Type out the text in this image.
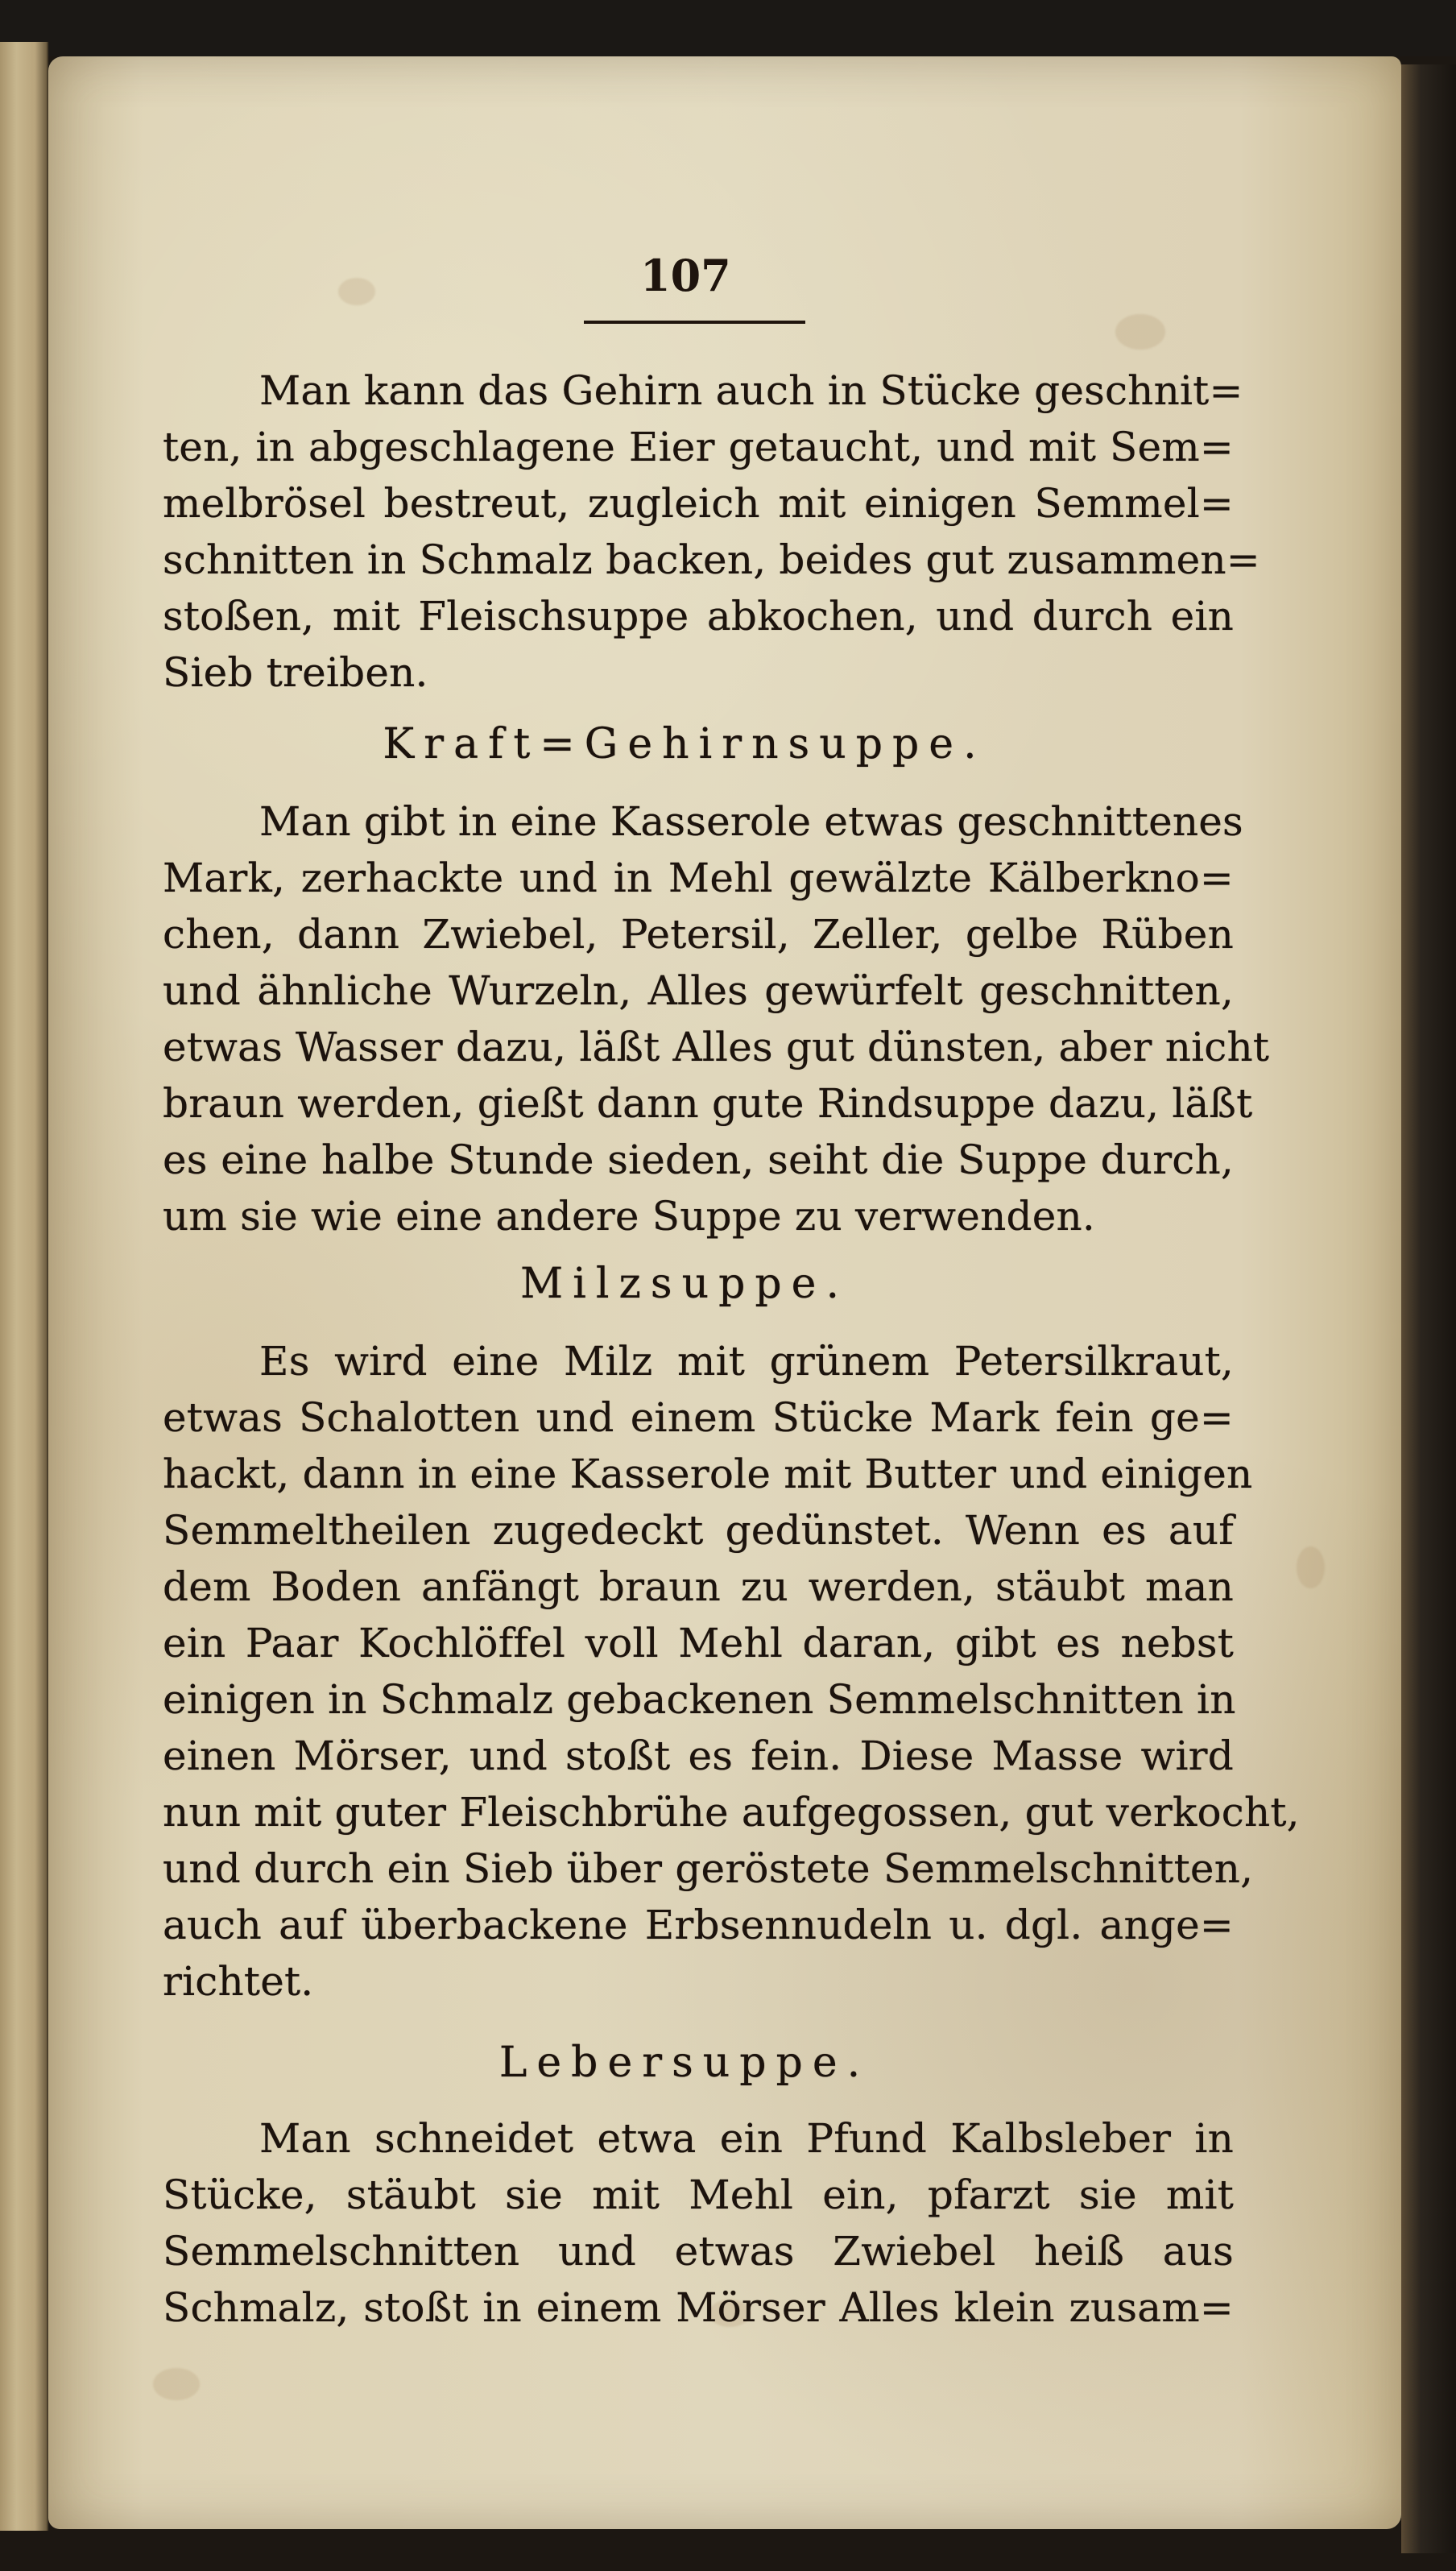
107
Man kann das Gehirn auch in Stücke geschnit=
ten, in abgeschlagene Eier getaucht, und mit Sem=
melbrösel bestreut, zugleich mit einigen Semmel=
schnitten in Schmalz backen, beides gut zusammen=
stoßen, mit Fleischsuppe abkochen, und durch ein
Sieb treiben.
Kraft=Gehirnsuppe.
Man gibt in eine Kasserole etwas geschnittenes
Mark, zerhackte und in Mehl gewälzte Kälberkno=
chen, dann Zwiebel, Petersil, Zeller, gelbe Rüben
und ähnliche Wurzeln, Alles gewürfelt geschnitten,
etwas Wasser dazu, läßt Alles gut dünsten, aber nicht
braun werden, gießt dann gute Rindsuppe dazu, läßt
es eine halbe Stunde sieden, seiht die Suppe durch,
um sie wie eine andere Suppe zu verwenden.
Milzsuppe.
Es wird eine Milz mit grünem Petersilkraut,
etwas Schalotten und einem Stücke Mark fein ge=
hackt, dann in eine Kasserole mit Butter und einigen
Semmeltheilen zugedeckt gedünstet. Wenn es auf
dem Boden anfängt braun zu werden, stäubt man
ein Paar Kochlöffel voll Mehl daran, gibt es nebst
einigen in Schmalz gebackenen Semmelschnitten in
einen Mörser, und stoßt es fein. Diese Masse wird
nun mit guter Fleischbrühe aufgegossen, gut verkocht,
und durch ein Sieb über geröstete Semmelschnitten,
auch auf überbackene Erbsennudeln u. dgl. ange=
richtet.
Lebersuppe.
Man schneidet etwa ein Pfund Kalbsleber in
Stücke, stäubt sie mit Mehl ein, pfarzt sie mit
Semmelschnitten und etwas Zwiebel heiß aus
Schmalz, stoßt in einem Mörser Alles klein zusam=
